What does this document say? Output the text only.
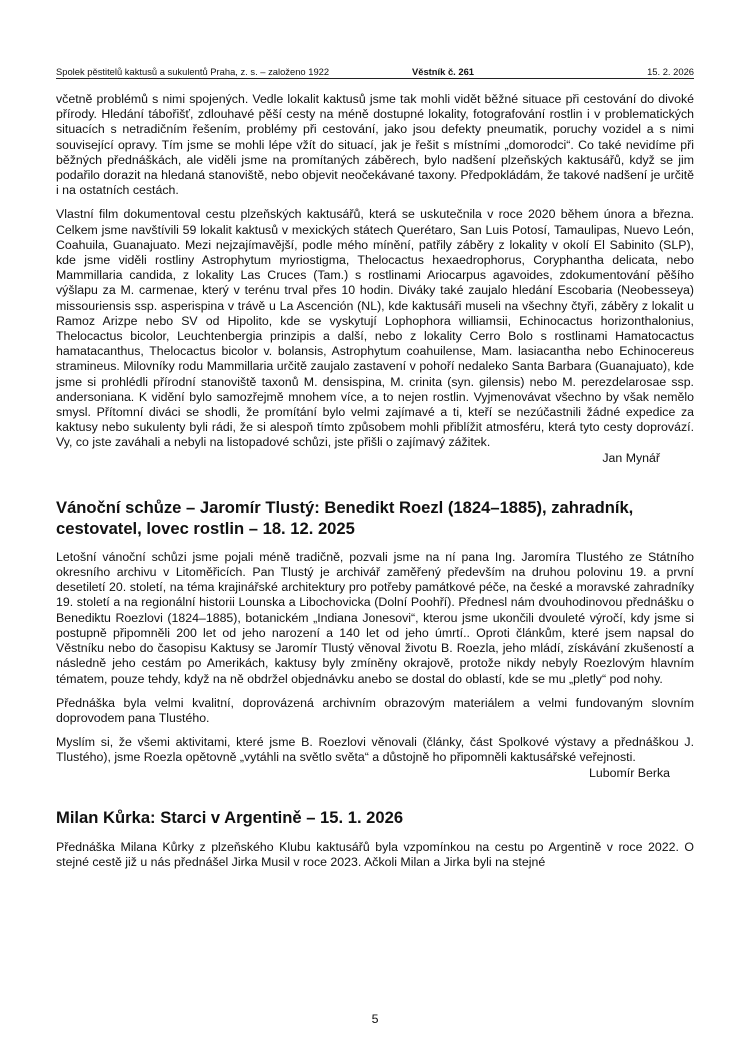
Spolek pěstitelů kaktusů a sukulentů Praha, z. s. – založeno 1922	Věstník č. 261	15. 2. 2026

včetně problémů s nimi spojených. Vedle lokalit kaktusů jsme tak mohli vidět běžné situace při cestování do divoké přírody. Hledání tábořišť, zdlouhavé pěší cesty na méně dostupné lokality, fotografování rostlin i v problematických situacích s netradičním řešením, problémy při cestování, jako jsou defekty pneumatik, poruchy vozidel a s nimi související opravy. Tím jsme se mohli lépe vžít do situací, jak je řešit s místními „domorodci“. Co také nevidíme při běžných přednáškách, ale viděli jsme na promítaných záběrech, bylo nadšení plzeňských kaktusářů, když se jim podařilo dorazit na hledaná stanoviště, nebo objevit neočekávané taxony. Předpokládám, že takové nadšení je určitě i na ostatních cestách.

Vlastní film dokumentoval cestu plzeňských kaktusářů, která se uskutečnila v roce 2020 během února a března. Celkem jsme navštívili 59 lokalit kaktusů v mexických státech Querétaro, San Luis Potosí, Tamaulipas, Nuevo León, Coahuila, Guanajuato. Mezi nejzajímavější, podle mého mínění, patřily záběry z lokality v okolí El Sabinito (SLP), kde jsme viděli rostliny Astrophytum myriostigma, Thelocactus hexaedrophorus, Coryphantha delicata, nebo Mammillaria candida, z lokality Las Cruces (Tam.) s rostlinami Ariocarpus agavoides, zdokumentování pěšího výšlapu za M. carmenae, který v terénu trval přes 10 hodin. Diváky také zaujalo hledání Escobaria (Neobesseya) missouriensis ssp. asperispina v trávě u La Ascención (NL), kde kaktusáři museli na všechny čtyři, záběry z lokalit u Ramoz Arizpe nebo SV od Hipolito, kde se vyskytují Lophophora williamsii, Echinocactus horizonthalonius, Thelocactus bicolor, Leuchtenbergia prinzipis a další, nebo z lokality Cerro Bolo s rostlinami Hamatocactus hamatacanthus, Thelocactus bicolor v. bolansis, Astrophytum coahuilense, Mam. lasiacantha nebo Echinocereus stramineus. Milovníky rodu Mammillaria určitě zaujalo zastavení v pohoří nedaleko Santa Barbara (Guanajuato), kde jsme si prohlédli přírodní stanoviště taxonů M. densispina, M. crinita (syn. gilensis) nebo M. perezdelarosae ssp. andersoniana. K vidění bylo samozřejmě mnohem více, a to nejen rostlin. Vyjmenovávat všechno by však nemělo smysl. Přítomní diváci se shodli, že promítání bylo velmi zajímavé a ti, kteří se nezúčastnili žádné expedice za kaktusy nebo sukulenty byli rádi, že si alespoň tímto způsobem mohli přiblížit atmosféru, která tyto cesty doprovází. Vy, co jste zaváhali a nebyli na listopadové schůzi, jste přišli o zajímavý zážitek.

Jan Mynář
Vánoční schůze – Jaromír Tlustý: Benedikt Roezl (1824–1885), zahradník, cestovatel, lovec rostlin – 18. 12. 2025

Letošní vánoční schůzi jsme pojali méně tradičně, pozvali jsme na ní pana Ing. Jaromíra Tlustého ze Státního okresního archivu v Litoměřicích. Pan Tlustý je archivář zaměřený především na druhou polovinu 19. a první desetiletí 20. století, na téma krajinářské architektury pro potřeby památkové péče, na české a moravské zahradníky 19. století a na regionální historii Lounska a Libochovicka (Dolní Poohří). Přednesl nám dvouhodinovou přednášku o Benediktu Roezlovi (1824–1885), botanickém „Indiana Jonesovi“, kterou jsme ukončili dvouleté výročí, kdy jsme si postupně připomněli 200 let od jeho narození a 140 let od jeho úmrtí.. Oproti článkům, které jsem napsal do Věstníku nebo do časopisu Kaktusy se Jaromír Tlustý věnoval životu B. Roezla, jeho mládí, získávání zkušeností a následně jeho cestám po Amerikách, kaktusy byly zmíněny okrajově, protože nikdy nebyly Roezlovým hlavním tématem, pouze tehdy, když na ně obdržel objednávku anebo se dostal do oblastí, kde se mu „pletly“ pod nohy.

Přednáška byla velmi kvalitní, doprovázená archivním obrazovým materiálem a velmi fundovaným slovním doprovodem pana Tlustého.

Myslím si, že všemi aktivitami, které jsme B. Roezlovi věnovali (články, část Spolkové výstavy a přednáškou J. Tlustého), jsme Roezla opětovně „vytáhli na světlo světa“ a důstojně ho připomněli kaktusářské veřejnosti.

Lubomír Berka
Milan Kůrka: Starci v Argentině – 15. 1. 2026

Přednáška Milana Kůrky z plzeňského Klubu kaktusářů byla vzpomínkou na cestu po Argentině v roce 2022. O stejné cestě již u nás přednášel Jirka Musil v roce 2023. Ačkoli Milan a Jirka byli na stejné

5
